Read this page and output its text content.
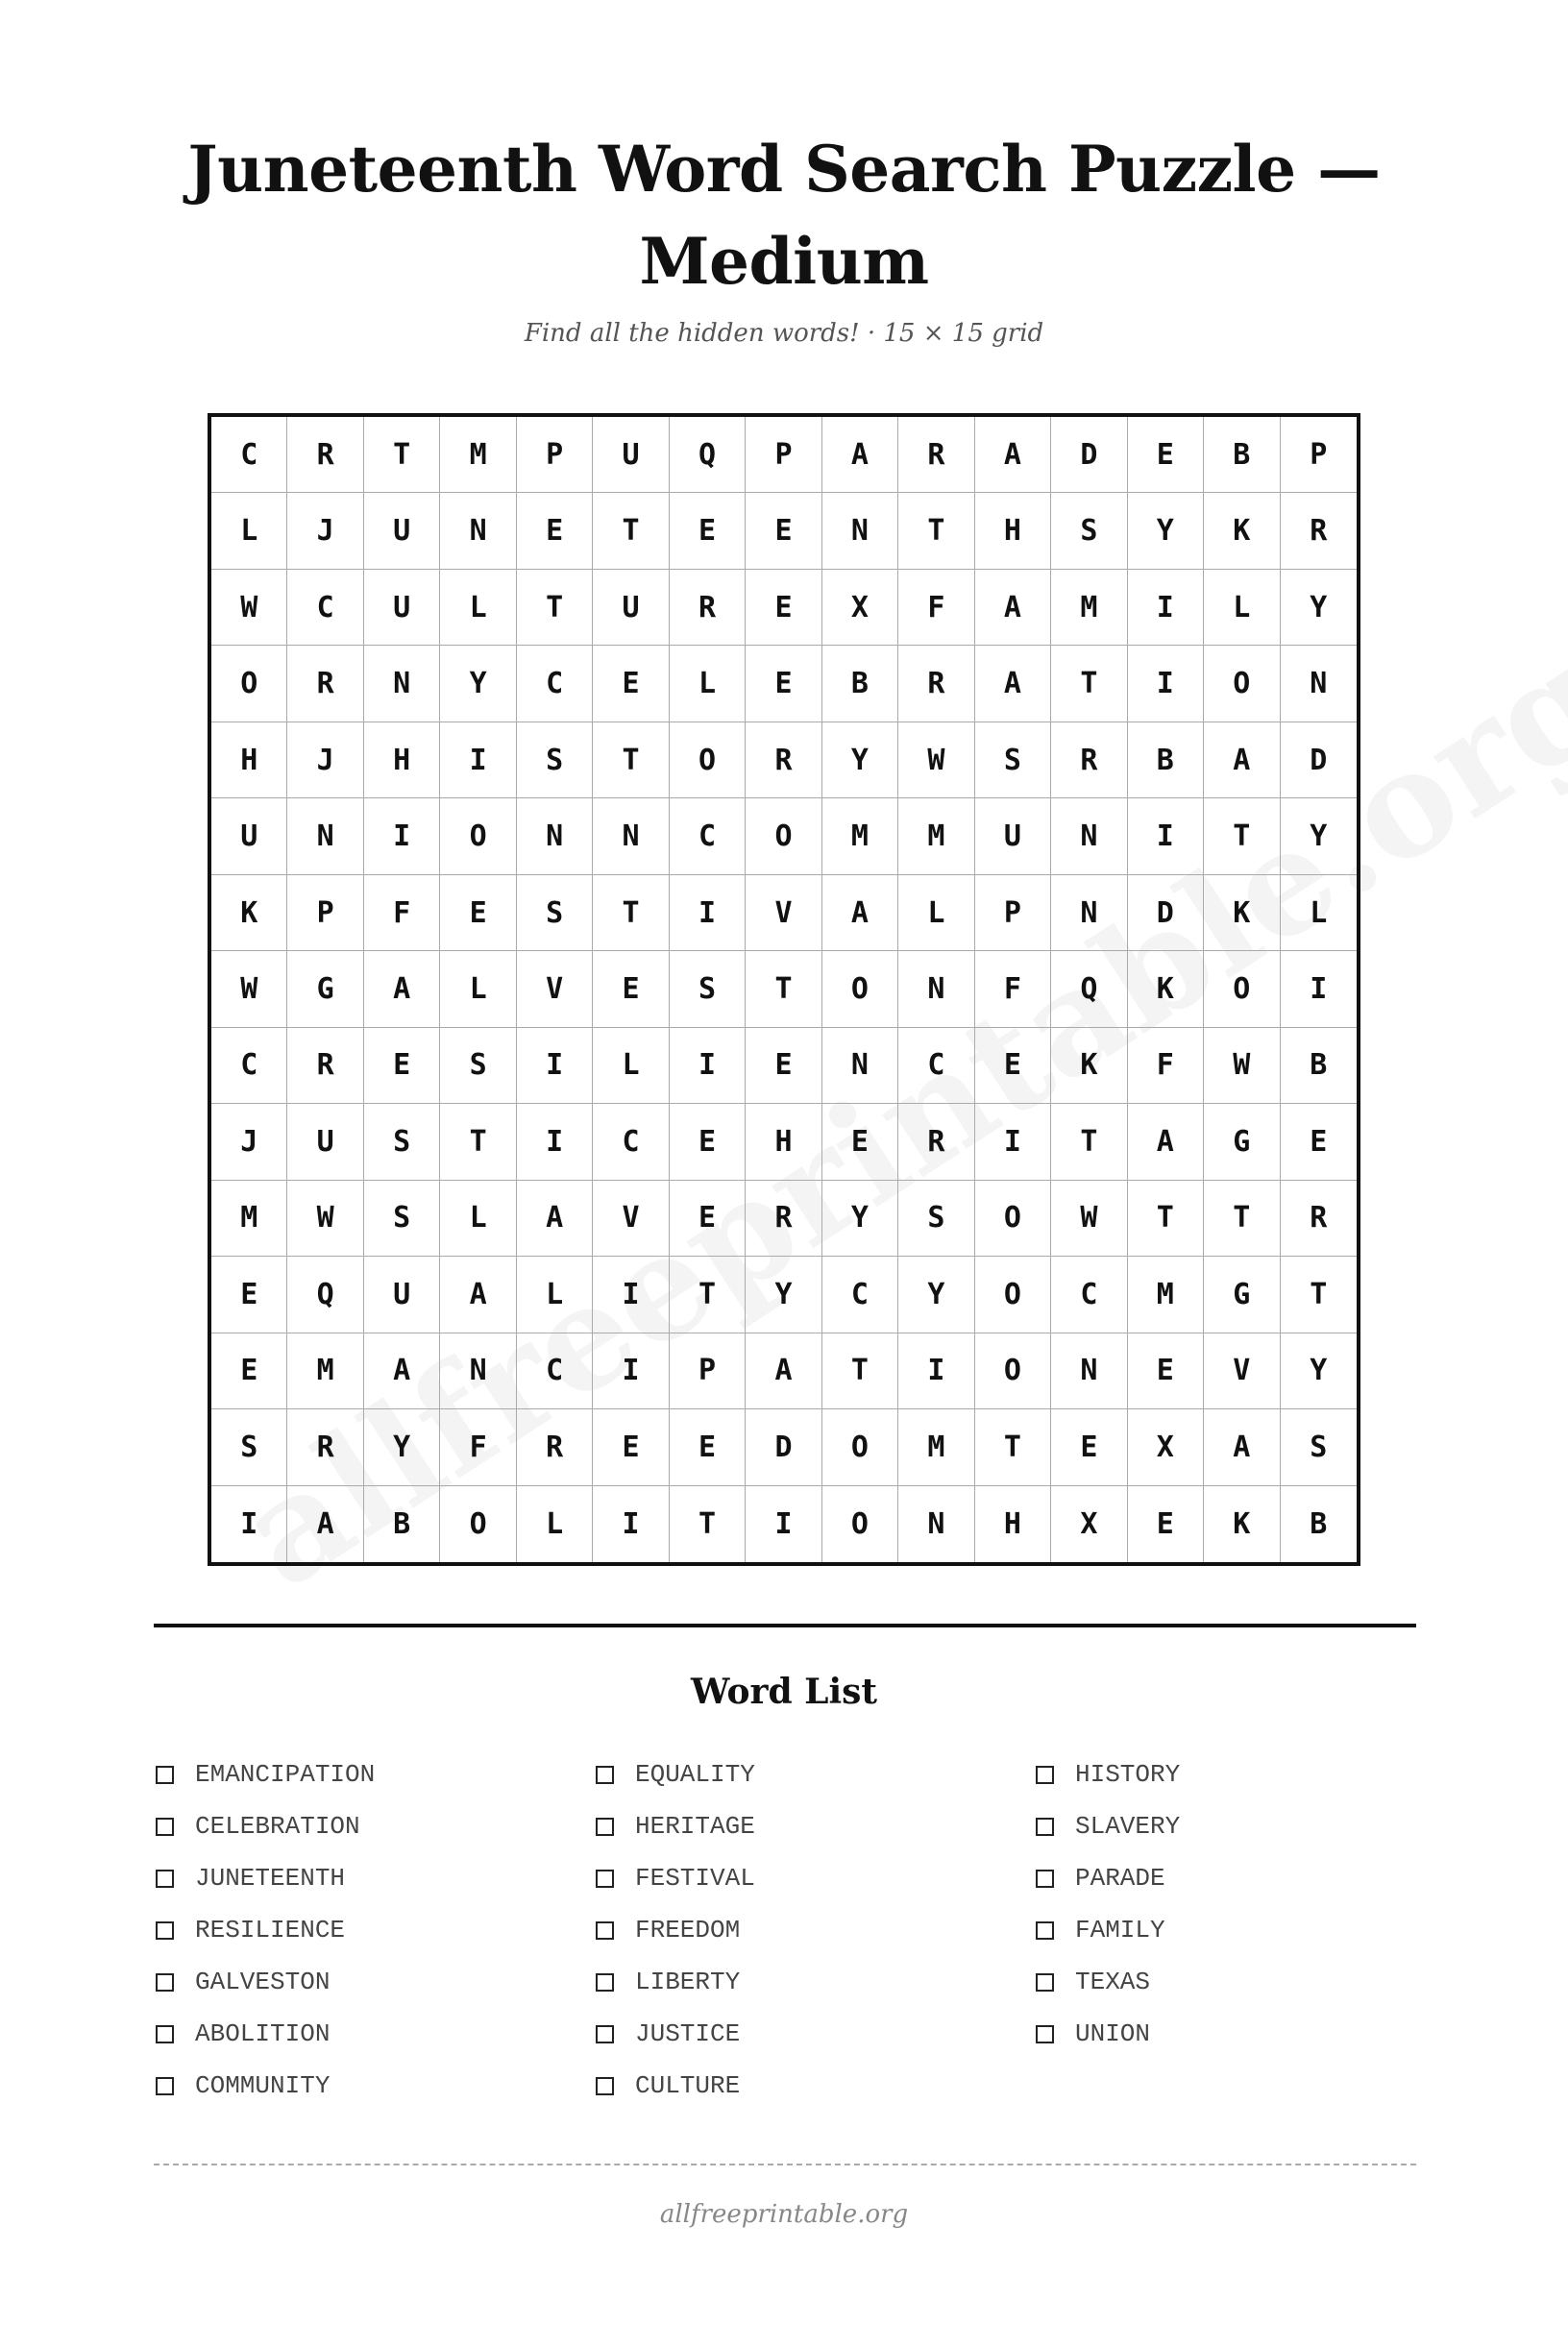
Juneteenth Word Search Puzzle — Medium
Find all the hidden words! · 15 × 15 grid
C	R	T	M	P	U	Q	P	A	R	A	D	E	B	P
L	J	U	N	E	T	E	E	N	T	H	S	Y	K	R
W	C	U	L	T	U	R	E	X	F	A	M	I	L	Y
O	R	N	Y	C	E	L	E	B	R	A	T	I	O	N
H	J	H	I	S	T	O	R	Y	W	S	R	B	A	D
U	N	I	O	N	N	C	O	M	M	U	N	I	T	Y
K	P	F	E	S	T	I	V	A	L	P	N	D	K	L
W	G	A	L	V	E	S	T	O	N	F	Q	K	O	I
C	R	E	S	I	L	I	E	N	C	E	K	F	W	B
J	U	S	T	I	C	E	H	E	R	I	T	A	G	E
M	W	S	L	A	V	E	R	Y	S	O	W	T	T	R
E	Q	U	A	L	I	T	Y	C	Y	O	C	M	G	T
E	M	A	N	C	I	P	A	T	I	O	N	E	V	Y
S	R	Y	F	R	E	E	D	O	M	T	E	X	A	S
I	A	B	O	L	I	T	I	O	N	H	X	E	K	B
Word List
EMANCIPATION
CELEBRATION
JUNETEENTH
RESILIENCE
GALVESTON
ABOLITION
COMMUNITY
EQUALITY
HERITAGE
FESTIVAL
FREEDOM
LIBERTY
JUSTICE
CULTURE
HISTORY
SLAVERY
PARADE
FAMILY
TEXAS
UNION
allfreeprintable.org
